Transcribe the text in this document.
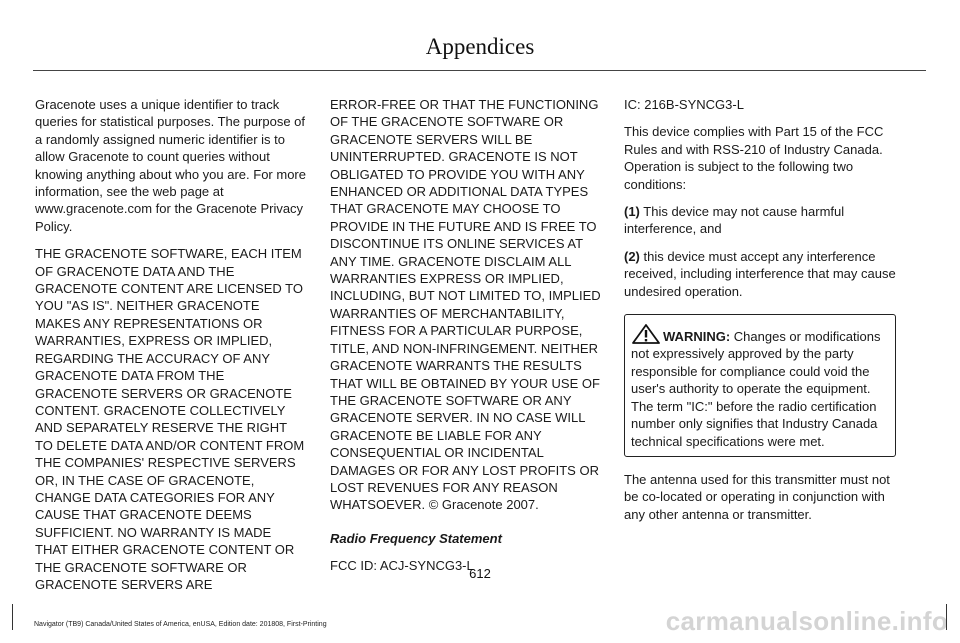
Appendices

Gracenote uses a unique identifier to track queries for statistical purposes. The purpose of a randomly assigned numeric identifier is to allow Gracenote to count queries without knowing anything about who you are. For more information, see the web page at www.gracenote.com for the Gracenote Privacy Policy.

THE GRACENOTE SOFTWARE, EACH ITEM OF GRACENOTE DATA AND THE GRACENOTE CONTENT ARE LICENSED TO YOU "AS IS". NEITHER GRACENOTE MAKES ANY REPRESENTATIONS OR WARRANTIES, EXPRESS OR IMPLIED, REGARDING THE ACCURACY OF ANY GRACENOTE DATA FROM THE GRACENOTE SERVERS OR GRACENOTE CONTENT. GRACENOTE COLLECTIVELY AND SEPARATELY RESERVE THE RIGHT TO DELETE DATA AND/OR CONTENT FROM THE COMPANIES' RESPECTIVE SERVERS OR, IN THE CASE OF GRACENOTE, CHANGE DATA CATEGORIES FOR ANY CAUSE THAT GRACENOTE DEEMS SUFFICIENT. NO WARRANTY IS MADE THAT EITHER GRACENOTE CONTENT OR THE GRACENOTE SOFTWARE OR GRACENOTE SERVERS ARE

ERROR-FREE OR THAT THE FUNCTIONING OF THE GRACENOTE SOFTWARE OR GRACENOTE SERVERS WILL BE UNINTERRUPTED. GRACENOTE IS NOT OBLIGATED TO PROVIDE YOU WITH ANY ENHANCED OR ADDITIONAL DATA TYPES THAT GRACENOTE MAY CHOOSE TO PROVIDE IN THE FUTURE AND IS FREE TO DISCONTINUE ITS ONLINE SERVICES AT ANY TIME. GRACENOTE DISCLAIM ALL WARRANTIES EXPRESS OR IMPLIED, INCLUDING, BUT NOT LIMITED TO, IMPLIED WARRANTIES OF MERCHANTABILITY, FITNESS FOR A PARTICULAR PURPOSE, TITLE, AND NON-INFRINGEMENT. NEITHER GRACENOTE WARRANTS THE RESULTS THAT WILL BE OBTAINED BY YOUR USE OF THE GRACENOTE SOFTWARE OR ANY GRACENOTE SERVER. IN NO CASE WILL GRACENOTE BE LIABLE FOR ANY CONSEQUENTIAL OR INCIDENTAL DAMAGES OR FOR ANY LOST PROFITS OR LOST REVENUES FOR ANY REASON WHATSOEVER. © Gracenote 2007.

Radio Frequency Statement

FCC ID: ACJ-SYNCG3-L

IC: 216B-SYNCG3-L

This device complies with Part 15 of the FCC Rules and with RSS-210 of Industry Canada. Operation is subject to the following two conditions:

(1) This device may not cause harmful interference, and

(2) this device must accept any interference received, including interference that may cause undesired operation.

WARNING: Changes or modifications not expressively approved by the party responsible for compliance could void the user's authority to operate the equipment. The term "IC:" before the radio certification number only signifies that Industry Canada technical specifications were met.

The antenna used for this transmitter must not be co-located or operating in conjunction with any other antenna or transmitter.

612
Navigator (TB9) Canada/United States of America, enUSA, Edition date: 201808, First-Printing	carmanualsonline.info
